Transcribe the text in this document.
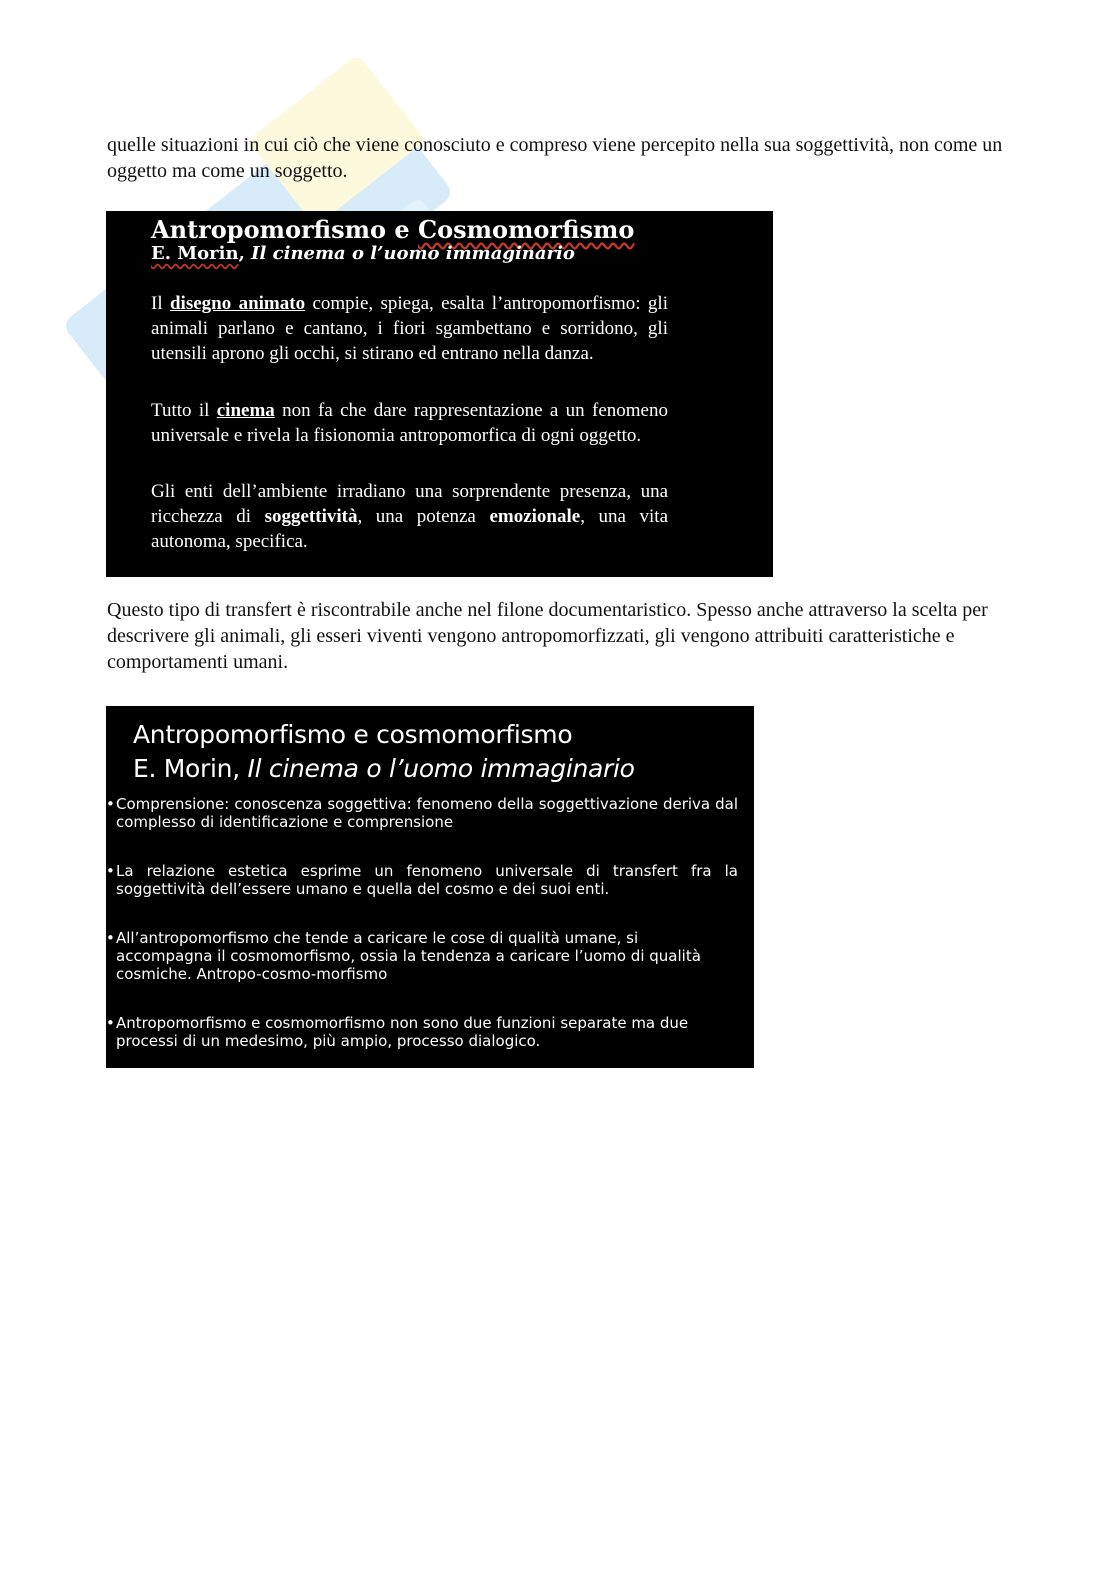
quelle situazioni in cui ciò che viene conosciuto e compreso viene percepito nella sua soggettività, non come un oggetto ma come un soggetto.

Antropomorfismo e Cosmomorfismo
E. Morin, Il cinema o l’uomo immaginario

Il disegno animato compie, spiega, esalta l’antropomorfismo: gli animali parlano e cantano, i fiori sgambettano e sorridono, gli utensili aprono gli occhi, si stirano ed entrano nella danza.

Tutto il cinema non fa che dare rappresentazione a un fenomeno universale e rivela la fisionomia antropomorfica di ogni oggetto.

Gli enti dell’ambiente irradiano una sorprendente presenza, una ricchezza di soggettività, una potenza emozionale, una vita autonoma, specifica.

Questo tipo di transfert è riscontrabile anche nel filone documentaristico. Spesso anche attraverso la scelta per descrivere gli animali, gli esseri viventi vengono antropomorfizzati, gli vengono attribuiti caratteristiche e comportamenti umani.

Antropomorfismo e cosmomorfismo
E. Morin, Il cinema o l’uomo immaginario
• Comprensione: conoscenza soggettiva: fenomeno della soggettivazione deriva dal complesso di identificazione e comprensione
• La relazione estetica esprime un fenomeno universale di transfert fra la soggettività dell’essere umano e quella del cosmo e dei suoi enti.
• All’antropomorfismo che tende a caricare le cose di qualità umane, si accompagna il cosmomorfismo, ossia la tendenza a caricare l’uomo di qualità cosmiche. Antropo-cosmo-morfismo
• Antropomorfismo e cosmomorfismo non sono due funzioni separate ma due processi di un medesimo, più ampio, processo dialogico.
